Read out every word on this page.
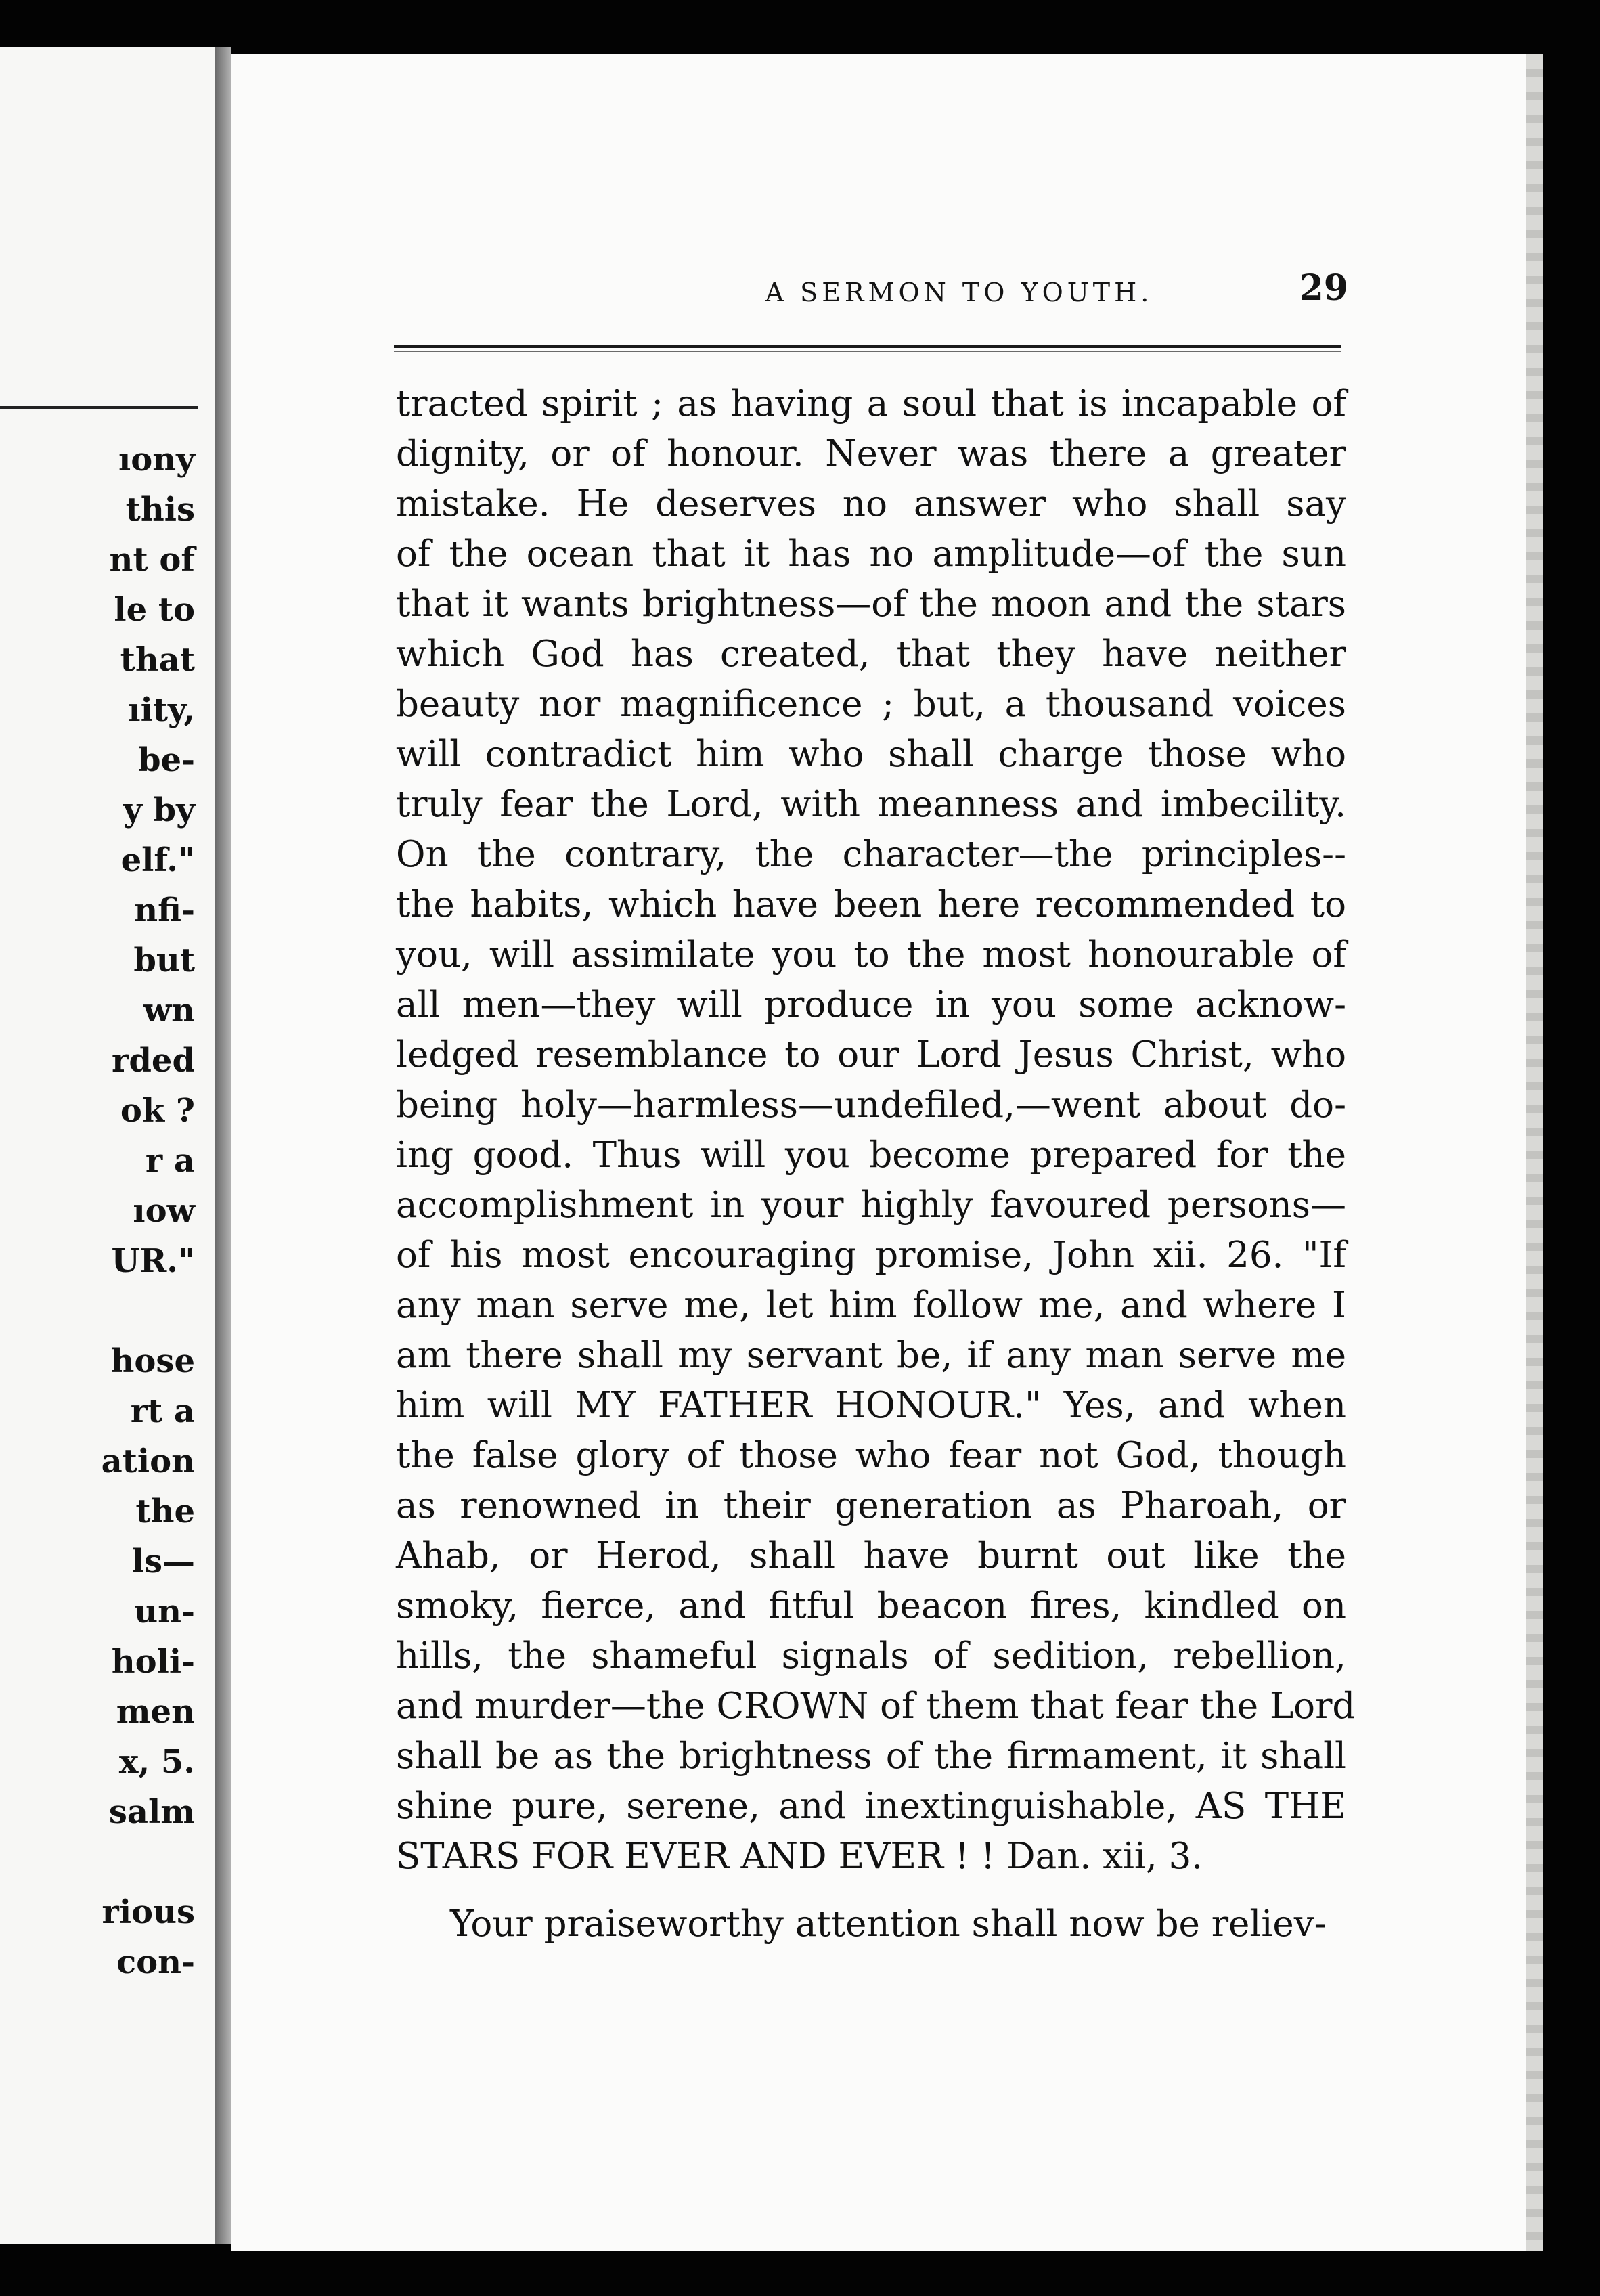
ıony
this
nt of
le to
that
ıity,
be-
y by
elf."
nfi-
but
wn
rded
ok ?
r a
ıow
UR."
hose
rt a
ation
the
ls—
un-
holi-
men
x, 5.
salm
rious
con-
A SERMON TO YOUTH.	29
tracted spirit ; as having a soul that is incapable of
dignity, or of honour. Never was there a greater
mistake. He deserves no answer who shall say
of the ocean that it has no amplitude—of the sun
that it wants brightness—of the moon and the stars
which God has created, that they have neither
beauty nor magnificence ; but, a thousand voices
will contradict him who shall charge those who
truly fear the Lord, with meanness and imbecility.
On the contrary, the character—the principles--
the habits, which have been here recommended to
you, will assimilate you to the most honourable of
all men—they will produce in you some acknow-
ledged resemblance to our Lord Jesus Christ, who
being holy—harmless—undefiled,—went about do-
ing good. Thus will you become prepared for the
accomplishment in your highly favoured persons—
of his most encouraging promise, John xii. 26. "If
any man serve me, let him follow me, and where I
am there shall my servant be, if any man serve me
him will MY FATHER HONOUR." Yes, and when
the false glory of those who fear not God, though
as renowned in their generation as Pharoah, or
Ahab, or Herod, shall have burnt out like the
smoky, fierce, and fitful beacon fires, kindled on
hills, the shameful signals of sedition, rebellion,
and murder—the CROWN of them that fear the Lord
shall be as the brightness of the firmament, it shall
shine pure, serene, and inextinguishable, AS THE
STARS FOR EVER AND EVER ! ! Dan. xii, 3.
Your praiseworthy attention shall now be reliev-
